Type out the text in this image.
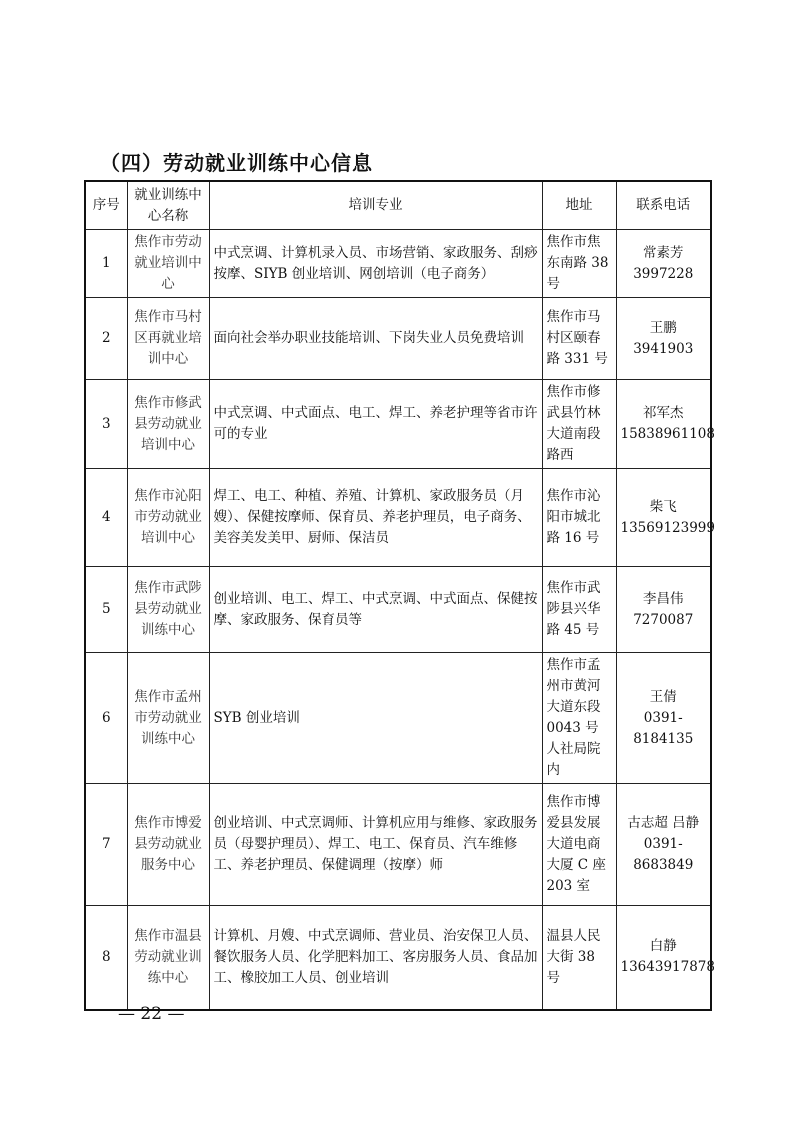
（四）劳动就业训练中心信息
序号	就业训练中心名称	培训专业	地址	联系电话
1	焦作市劳动就业培训中心	中式烹调、计算机录入员、市场营销、家政服务、刮痧按摩、SIYB 创业培训、网创培训（电子商务）	焦作市焦东南路 38 号	常素芳
3997228

2	焦作市马村区再就业培训中心	面向社会举办职业技能培训、下岗失业人员免费培训	焦作市马村区颐春路 331 号	王鹏 3941903

3	焦作市修武县劳动就业培训中心	中式烹调、中式面点、电工、焊工、养老护理等省市许可的专业	焦作市修武县竹林大道南段路西	祁军杰
15838961108

4	焦作市沁阳市劳动就业培训中心	焊工、电工、种植、养殖、计算机、家政服务员（月嫂）、保健按摩师、保育员、养老护理员，电子商务、美容美发美甲、厨师、保洁员	焦作市沁阳市城北路 16 号	柴飞
13569123999

5	焦作市武陟县劳动就业训练中心	创业培训、电工、焊工、中式烹调、中式面点、保健按摩、家政服务、保育员等	焦作市武陟县兴华路 45 号	李昌伟
7270087

6	焦作市孟州市劳动就业训练中心	SYB 创业培训	焦作市孟州市黄河大道东段 0043 号人社局院内	王倩
0391-8184135

7	焦作市博爱县劳动就业服务中心	创业培训、中式烹调师、计算机应用与维修、家政服务员（母婴护理员）、焊工、电工、保育员、汽车维修工、养老护理员、保健调理（按摩）师	焦作市博爱县发展大道电商大厦 C 座 203 室	古志超 吕静
0391-8683849

8	焦作市温县劳动就业训练中心	计算机、月嫂、中式烹调师、营业员、治安保卫人员、餐饮服务人员、化学肥料加工、客房服务人员、食品加工、橡胶加工人员、创业培训	温县人民大街 38 号	白静
13643917878
— 22 —
